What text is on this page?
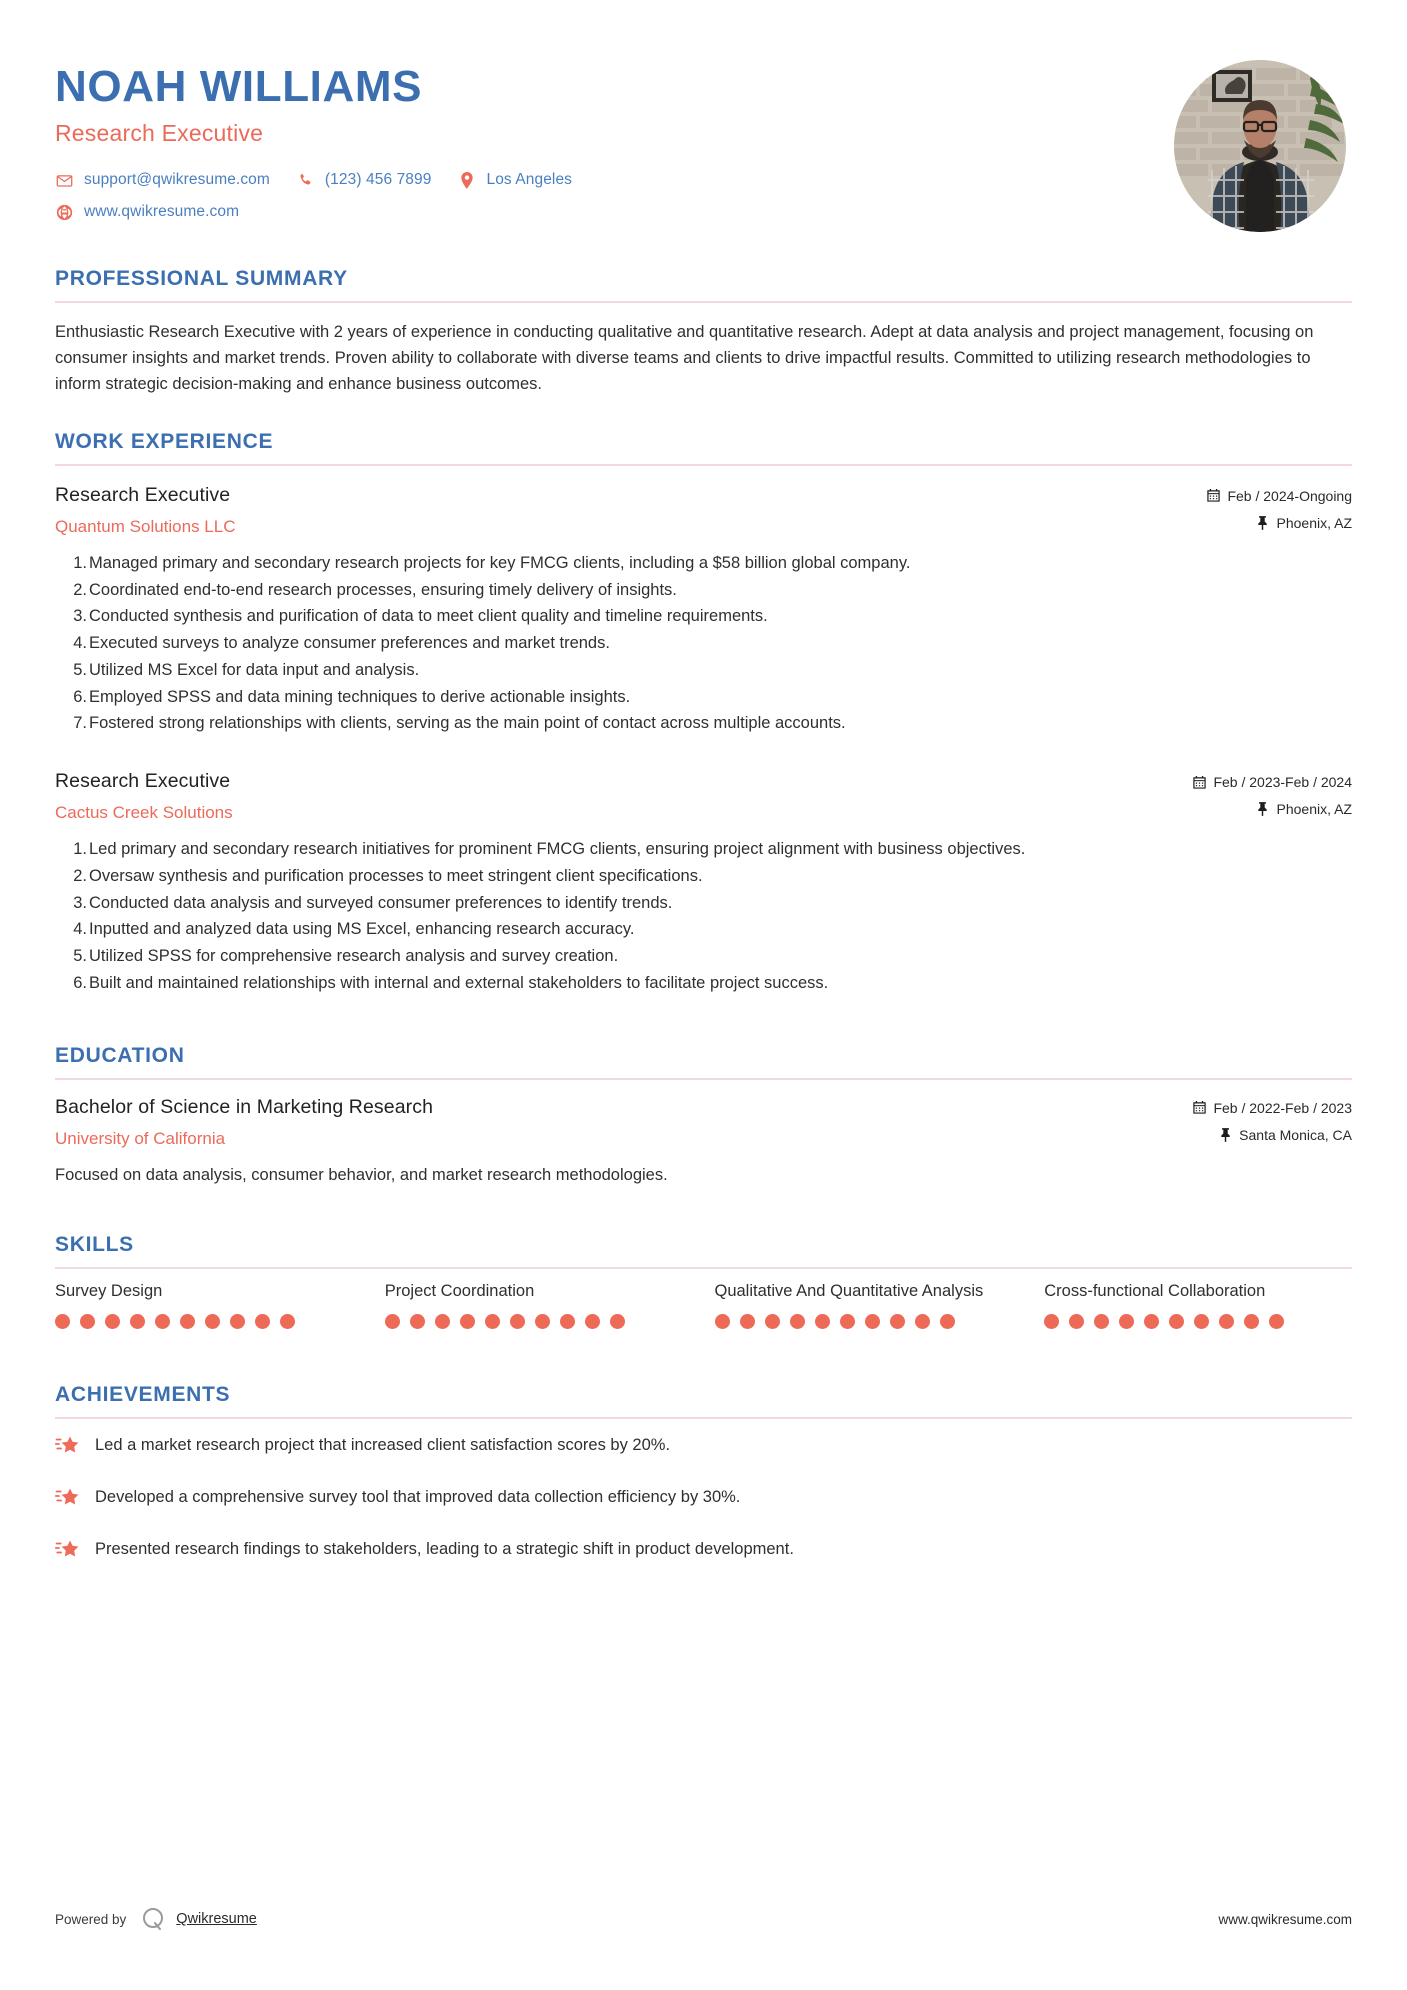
NOAH WILLIAMS
Research Executive
support@qwikresume.com	(123) 456 7899	Los Angeles
www.qwikresume.com
PROFESSIONAL SUMMARY
Enthusiastic Research Executive with 2 years of experience in conducting qualitative and quantitative research. Adept at data analysis and project management, focusing on consumer insights and market trends. Proven ability to collaborate with diverse teams and clients to drive impactful results. Committed to utilizing research methodologies to inform strategic decision-making and enhance business outcomes.
WORK EXPERIENCE
Research Executive
Quantum Solutions LLC
Feb / 2024-Ongoing
Phoenix, AZ
Managed primary and secondary research projects for key FMCG clients, including a $58 billion global company.
Coordinated end-to-end research processes, ensuring timely delivery of insights.
Conducted synthesis and purification of data to meet client quality and timeline requirements.
Executed surveys to analyze consumer preferences and market trends.
Utilized MS Excel for data input and analysis.
Employed SPSS and data mining techniques to derive actionable insights.
Fostered strong relationships with clients, serving as the main point of contact across multiple accounts.
Research Executive
Cactus Creek Solutions
Feb / 2023-Feb / 2024
Phoenix, AZ
Led primary and secondary research initiatives for prominent FMCG clients, ensuring project alignment with business objectives.
Oversaw synthesis and purification processes to meet stringent client specifications.
Conducted data analysis and surveyed consumer preferences to identify trends.
Inputted and analyzed data using MS Excel, enhancing research accuracy.
Utilized SPSS for comprehensive research analysis and survey creation.
Built and maintained relationships with internal and external stakeholders to facilitate project success.
EDUCATION
Bachelor of Science in Marketing Research
University of California
Feb / 2022-Feb / 2023
Santa Monica, CA
Focused on data analysis, consumer behavior, and market research methodologies.
SKILLS
Survey Design	Project Coordination	Qualitative And Quantitative Analysis	Cross-functional Collaboration
ACHIEVEMENTS
Led a market research project that increased client satisfaction scores by 20%.
Developed a comprehensive survey tool that improved data collection efficiency by 30%.
Presented research findings to stakeholders, leading to a strategic shift in product development.
Powered by	Qwikresume	www.qwikresume.com
